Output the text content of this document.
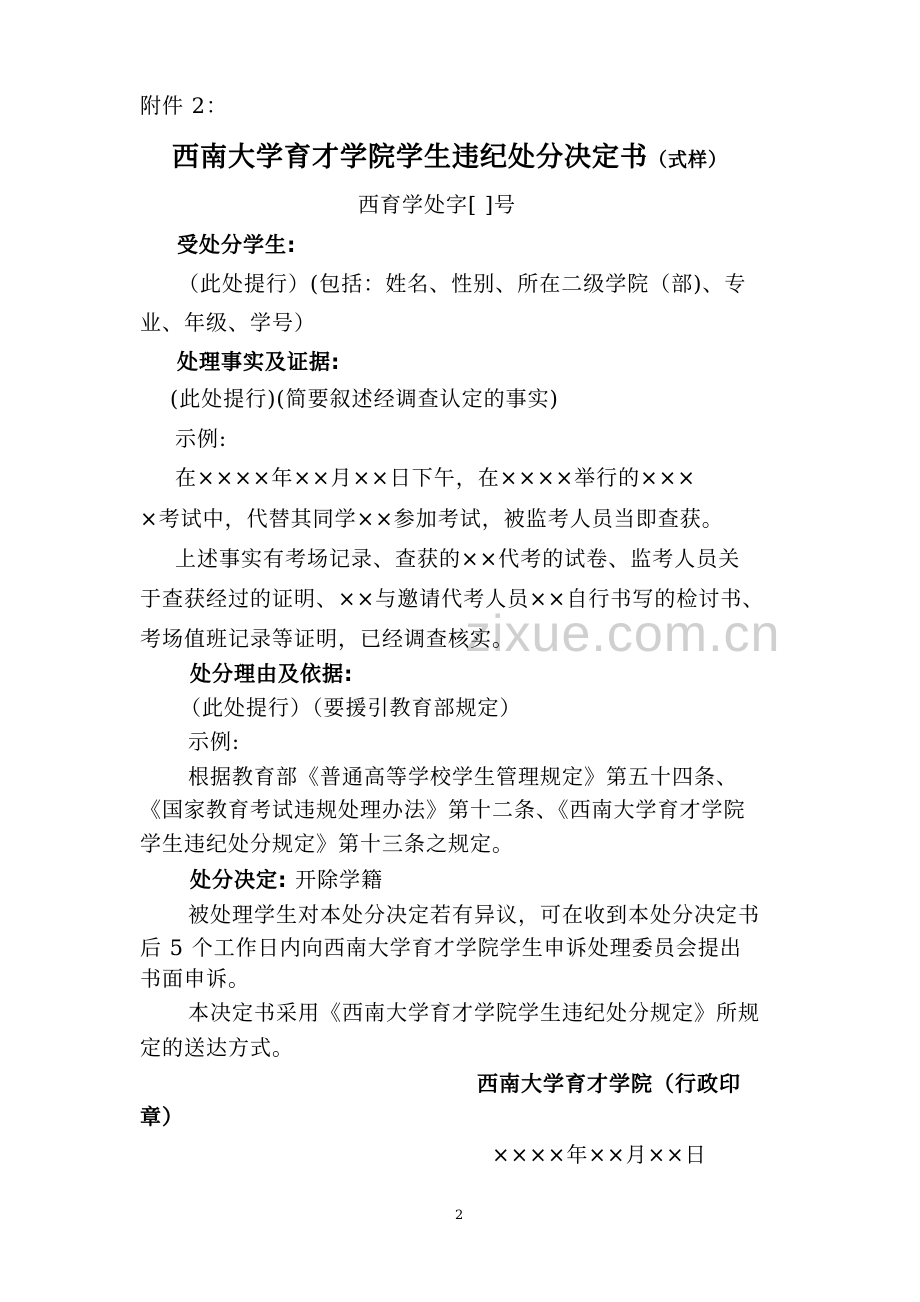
zixue.com.cn
附件 2：
西南大学育才学院学生违纪处分决定书（式样）
西育学处字[ ]号
受处分学生:
（此处提行）(包括：姓名、性别、所在二级学院（部)、专
业、年级、学号）
处理事实及证据:
(此处提行)(简要叙述经调查认定的事实)
示例:
在××××年××月××日下午，在××××举行的×××
×考试中，代替其同学××参加考试，被监考人员当即查获。
上述事实有考场记录、查获的××代考的试卷、监考人员关
于查获经过的证明、××与邀请代考人员××自行书写的检讨书、
考场值班记录等证明，已经调查核实。
处分理由及依据:
（此处提行）（要援引教育部规定）
示例:
根据教育部《普通高等学校学生管理规定》第五十四条、
《国家教育考试违规处理办法》第十二条、《西南大学育才学院
学生违纪处分规定》第十三条之规定。
处分决定: 开除学籍
被处理学生对本处分决定若有异议，可在收到本处分决定书
后 5 个工作日内向西南大学育才学院学生申诉处理委员会提出
书面申诉。
本决定书采用《西南大学育才学院学生违纪处分规定》所规
定的送达方式。
西南大学育才学院（行政印
章）
××××年××月××日
2
